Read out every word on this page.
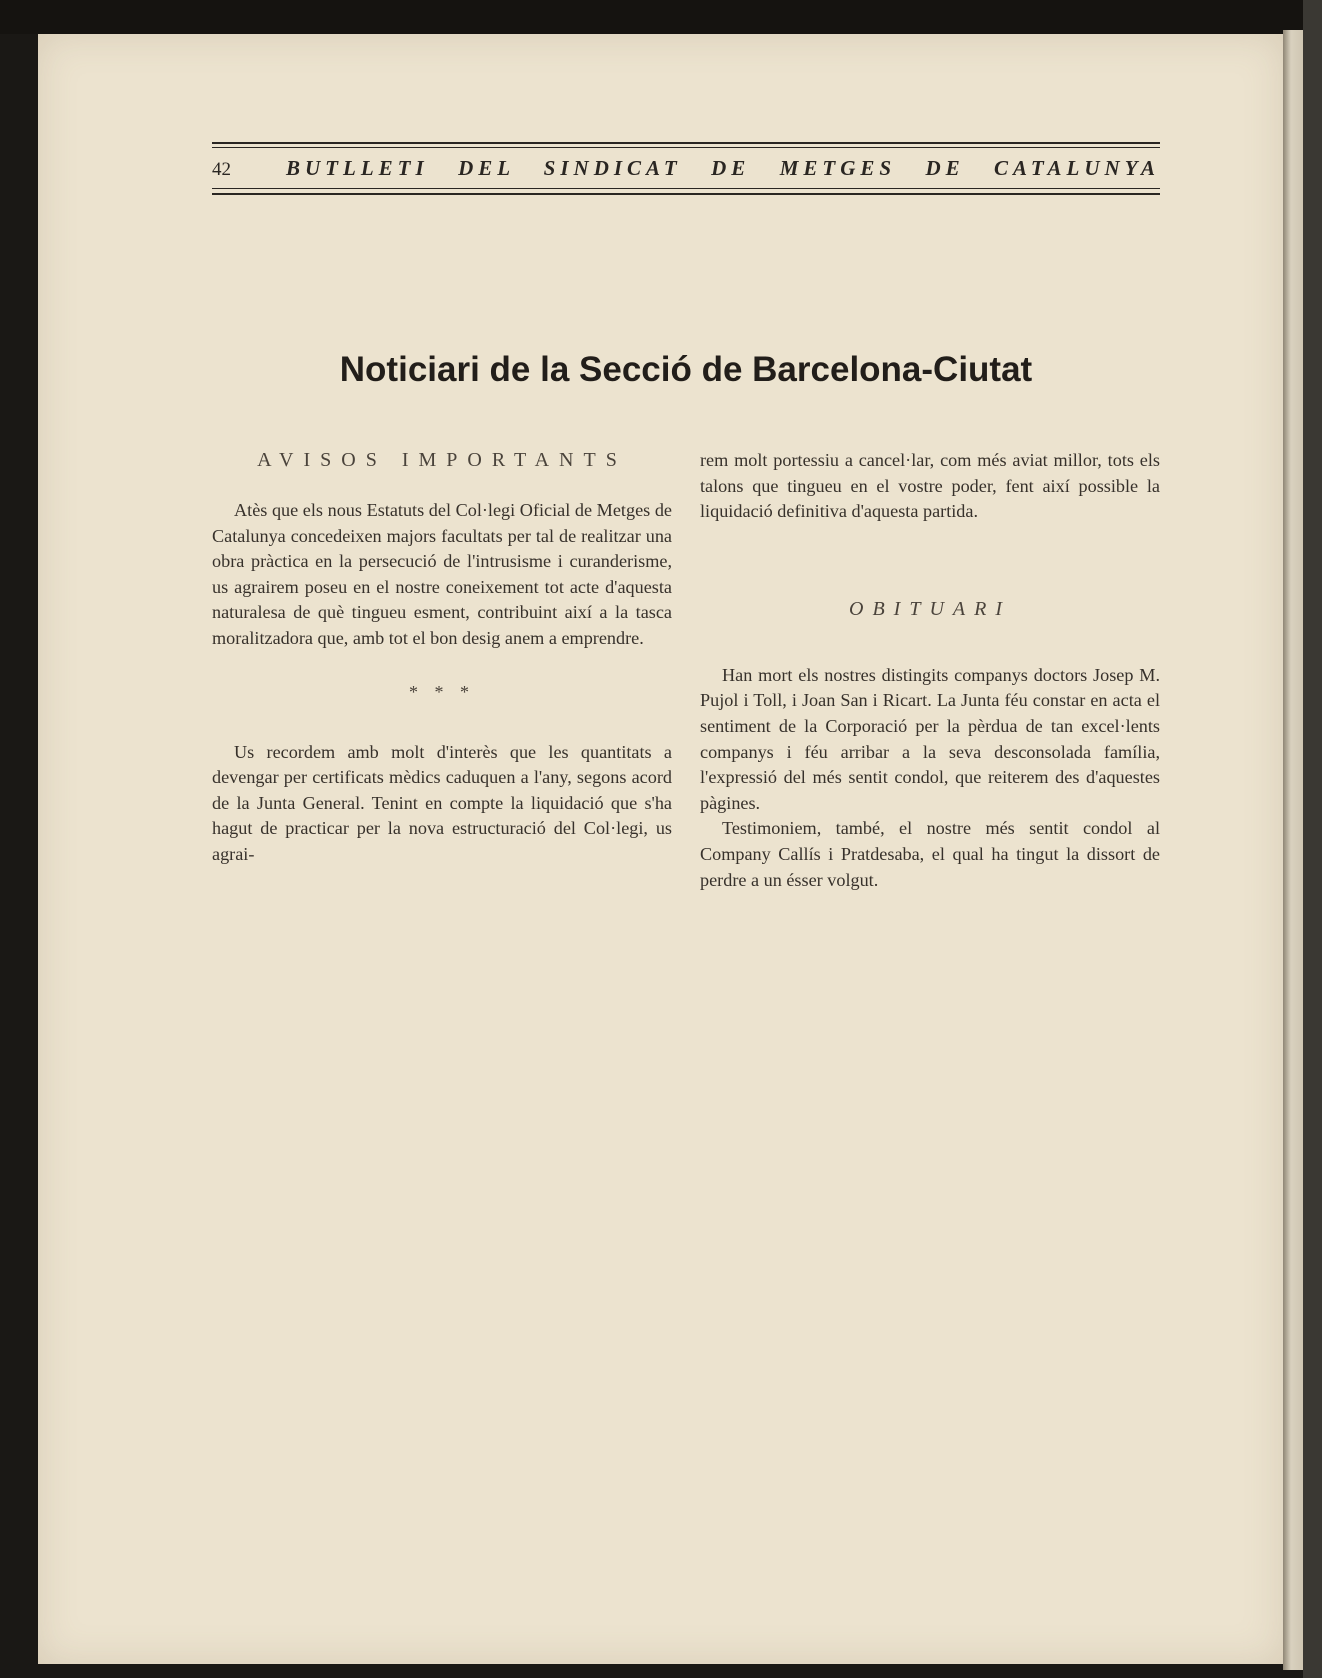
42	BUTLLETI DEL SINDICAT DE METGES DE CATALUNYA
Noticiari de la Secció de Barcelona-Ciutat
AVISOS IMPORTANTS

Atès que els nous Estatuts del Col·legi Oficial de Metges de Catalunya concedeixen majors facultats per tal de realitzar una obra pràctica en la persecució de l'intrusisme i curanderisme, us agrairem poseu en el nostre coneixement tot acte d'aquesta naturalesa de què tingueu esment, contribuint així a la tasca moralitzadora que, amb tot el bon desig anem a emprendre.

* * *

Us recordem amb molt d'interès que les quantitats a devengar per certificats mèdics caduquen a l'any, segons acord de la Junta General. Tenint en compte la liquidació que s'ha hagut de practicar per la nova estructuració del Col·legi, us agrai-

rem molt portessiu a cancel·lar, com més aviat millor, tots els talons que tingueu en el vostre poder, fent així possible la liquidació definitiva d'aquesta partida.

OBITUARI

Han mort els nostres distingits companys doctors Josep M. Pujol i Toll, i Joan San i Ricart. La Junta féu constar en acta el sentiment de la Corporació per la pèrdua de tan excel·lents companys i féu arribar a la seva desconsolada família, l'expressió del més sentit condol, que reiterem des d'aquestes pàgines.

Testimoniem, també, el nostre més sentit condol al Company Callís i Pratdesaba, el qual ha tingut la dissort de perdre a un ésser volgut.
